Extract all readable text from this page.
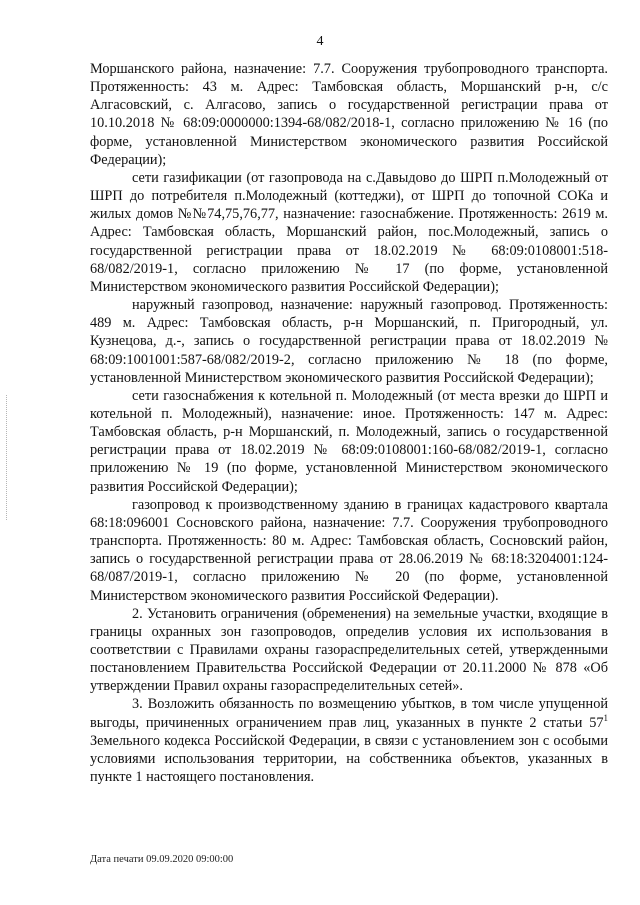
4

Моршанского района, назначение: 7.7. Сооружения трубопроводного транспорта. Протяженность: 43 м. Адрес: Тамбовская область, Моршанский р-н, с/с Алгасовский, с. Алгасово, запись о государственной регистрации права от 10.10.2018 № 68:09:0000000:1394-68/082/2018-1, согласно приложению № 16 (по форме, установленной Министерством экономического развития Российской Федерации);

сети газификации (от газопровода на с.Давыдово до ШРП п.Молодежный от ШРП до потребителя п.Молодежный (коттеджи), от ШРП до топочной СОКа и жилых домов №№74,75,76,77, назначение: газоснабжение. Протяженность: 2619 м. Адрес: Тамбовская область, Моршанский район, пос.Молодежный, запись о государственной регистрации права от 18.02.2019 № 68:09:0108001:518-68/082/2019-1, согласно приложению № 17 (по форме, установленной Министерством экономического развития Российской Федерации);

наружный газопровод, назначение: наружный газопровод. Протяженность: 489 м. Адрес: Тамбовская область, р-н Моршанский, п. Пригородный, ул. Кузнецова, д.-, запись о государственной регистрации права от 18.02.2019 № 68:09:1001001:587-68/082/2019-2, согласно приложению № 18 (по форме, установленной Министерством экономического развития Российской Федерации);

сети газоснабжения к котельной п. Молодежный (от места врезки до ШРП и котельной п. Молодежный), назначение: иное. Протяженность: 147 м. Адрес: Тамбовская область, р-н Моршанский, п. Молодежный, запись о государственной регистрации права от 18.02.2019 № 68:09:0108001:160-68/082/2019-1, согласно приложению № 19 (по форме, установленной Министерством экономического развития Российской Федерации);

газопровод к производственному зданию в границах кадастрового квартала 68:18:096001 Сосновского района, назначение: 7.7. Сооружения трубопроводного транспорта. Протяженность: 80 м. Адрес: Тамбовская область, Сосновский район, запись о государственной регистрации права от 28.06.2019 № 68:18:3204001:124-68/087/2019-1, согласно приложению № 20 (по форме, установленной Министерством экономического развития Российской Федерации).

2. Установить ограничения (обременения) на земельные участки, входящие в границы охранных зон газопроводов, определив условия их использования в соответствии с Правилами охраны газораспределительных сетей, утвержденными постановлением Правительства Российской Федерации от 20.11.2000 № 878 «Об утверждении Правил охраны газораспределительных сетей».

3. Возложить обязанность по возмещению убытков, в том числе упущенной выгоды, причиненных ограничением прав лиц, указанных в пункте 2 статьи $57^1$ Земельного кодекса Российской Федерации, в связи с установлением зон с особыми условиями использования территории, на собственника объектов, указанных в пункте 1 настоящего постановления.

Дата печати 09.09.2020 09:00:00
